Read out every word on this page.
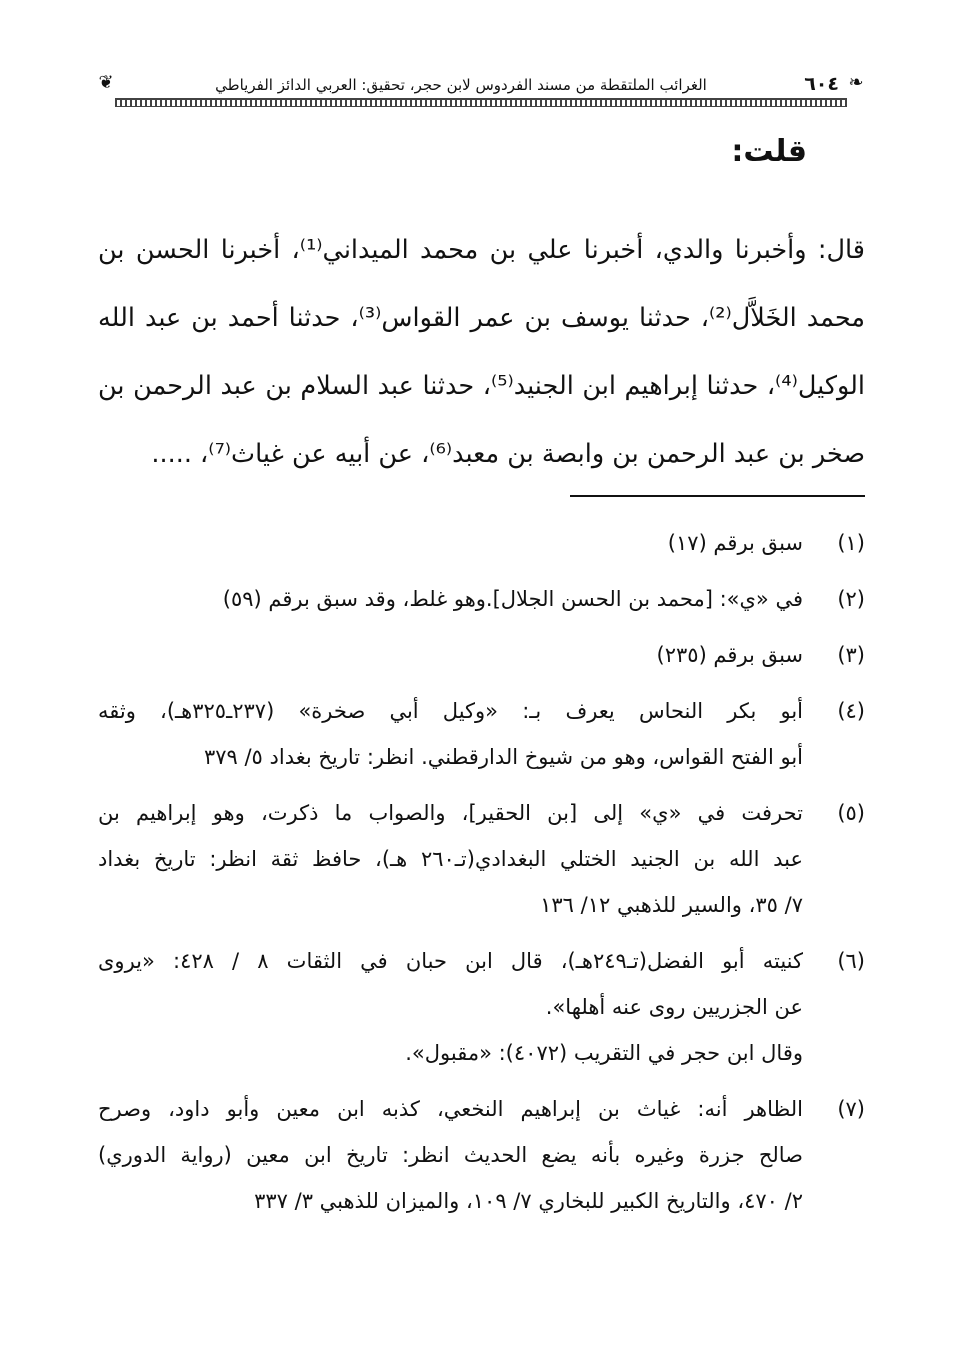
❦	الغرائب الملتقطة من مسند الفردوس لابن حجر، تحقيق: العربي الدائز الفرياطي	٦٠٤ ❧
قلت:
قال: وأخبرنا والدي، أخبرنا علي بن محمد الميداني⁽¹⁾، أخبرنا الحسن بن
محمد الخَلاَّل⁽²⁾، حدثنا يوسف بن عمر القواس⁽³⁾، حدثنا أحمد بن عبد الله
الوكيل⁽⁴⁾، حدثنا إبراهيم ابن الجنيد⁽⁵⁾، حدثنا عبد السلام بن عبد الرحمن بن
صخر بن عبد الرحمن بن وابصة بن معبد⁽⁶⁾، عن أبيه عن غياث⁽⁷⁾، .....
(١)
سبق برقم (١٧)
(٢)
في «ي»: [محمد بن الحسن الجلال].وهو غلط، وقد سبق برقم (٥٩)
(٣)
سبق برقم (٢٣٥)
(٤)
أبو بكر النحاس يعرف بـ: «وكيل أبي صخرة» (٢٣٧ـ٣٢٥هـ)، وثقه
أبو الفتح القواس، وهو من شيوخ الدارقطني. انظر: تاريخ بغداد ٥/ ٣٧٩
(٥)
تحرفت في «ي» إلى [بن الحقير]، والصواب ما ذكرت، وهو إبراهيم بن
عبد الله بن الجنيد الختلي البغدادي(تـ٢٦٠ هـ)، حافظ ثقة انظر: تاريخ بغداد
٧/ ٣٥، والسير للذهبي ١٢/ ١٣٦
(٦)
كنيته أبو الفضل(تـ٢٤٩هـ)، قال ابن حبان في الثقات ٨ / ٤٢٨: «يروى
عن الجزريين روى عنه أهلها».
وقال ابن حجر في التقريب (٤٠٧٢): «مقبول».
(٧)
الظاهر أنه: غياث بن إبراهيم النخعي، كذبه ابن معين وأبو داود، وصرح
صالح جزرة وغيره بأنه يضع الحديث انظر: تاريخ ابن معين (رواية الدوري)
٢/ ٤٧٠، والتاريخ الكبير للبخاري ٧/ ١٠٩، والميزان للذهبي ٣/ ٣٣٧
